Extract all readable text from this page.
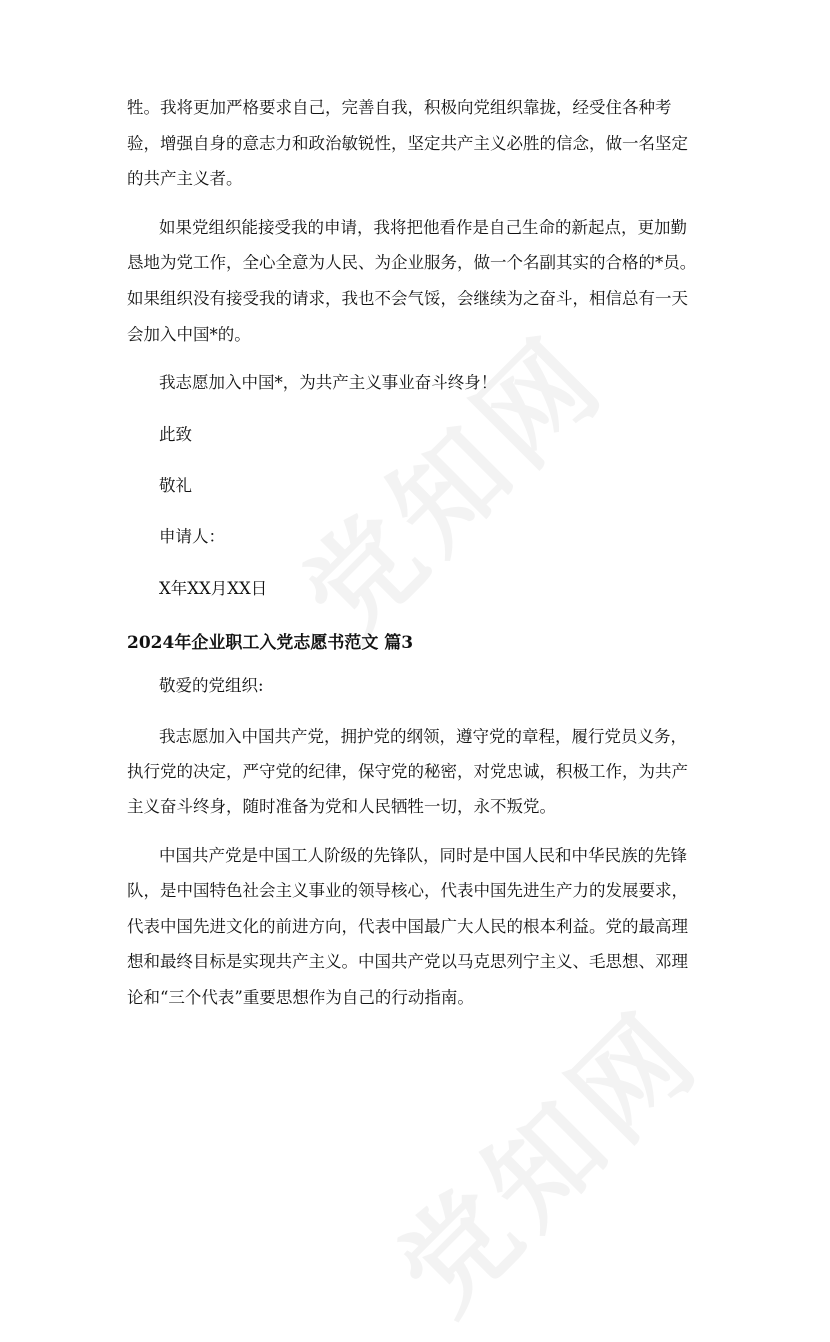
牲。我将更加严格要求自己，完善自我，积极向党组织靠拢，经受住各种考
验，增强自身的意志力和政治敏锐性，坚定共产主义必胜的信念，做一名坚定
的共产主义者。
如果党组织能接受我的申请，我将把他看作是自己生命的新起点，更加勤
恳地为党工作，全心全意为人民、为企业服务，做一个名副其实的合格的*员。
如果组织没有接受我的请求，我也不会气馁，会继续为之奋斗，相信总有一天
会加入中国*的。
我志愿加入中国*，为共产主义事业奋斗终身！
此致
敬礼
申请人：
X年XX月XX日
2024年企业职工入党志愿书范文 篇3
敬爱的党组织:
我志愿加入中国共产党，拥护党的纲领，遵守党的章程，履行党员义务，
执行党的决定，严守党的纪律，保守党的秘密，对党忠诚，积极工作，为共产
主义奋斗终身，随时准备为党和人民牺牲一切，永不叛党。
中国共产党是中国工人阶级的先锋队，同时是中国人民和中华民族的先锋
队，是中国特色社会主义事业的领导核心，代表中国先进生产力的发展要求，
代表中国先进文化的前进方向，代表中国最广大人民的根本利益。党的最高理
想和最终目标是实现共产主义。中国共产党以马克思列宁主义、毛思想、邓理
论和“三个代表”重要思想作为自己的行动指南。
